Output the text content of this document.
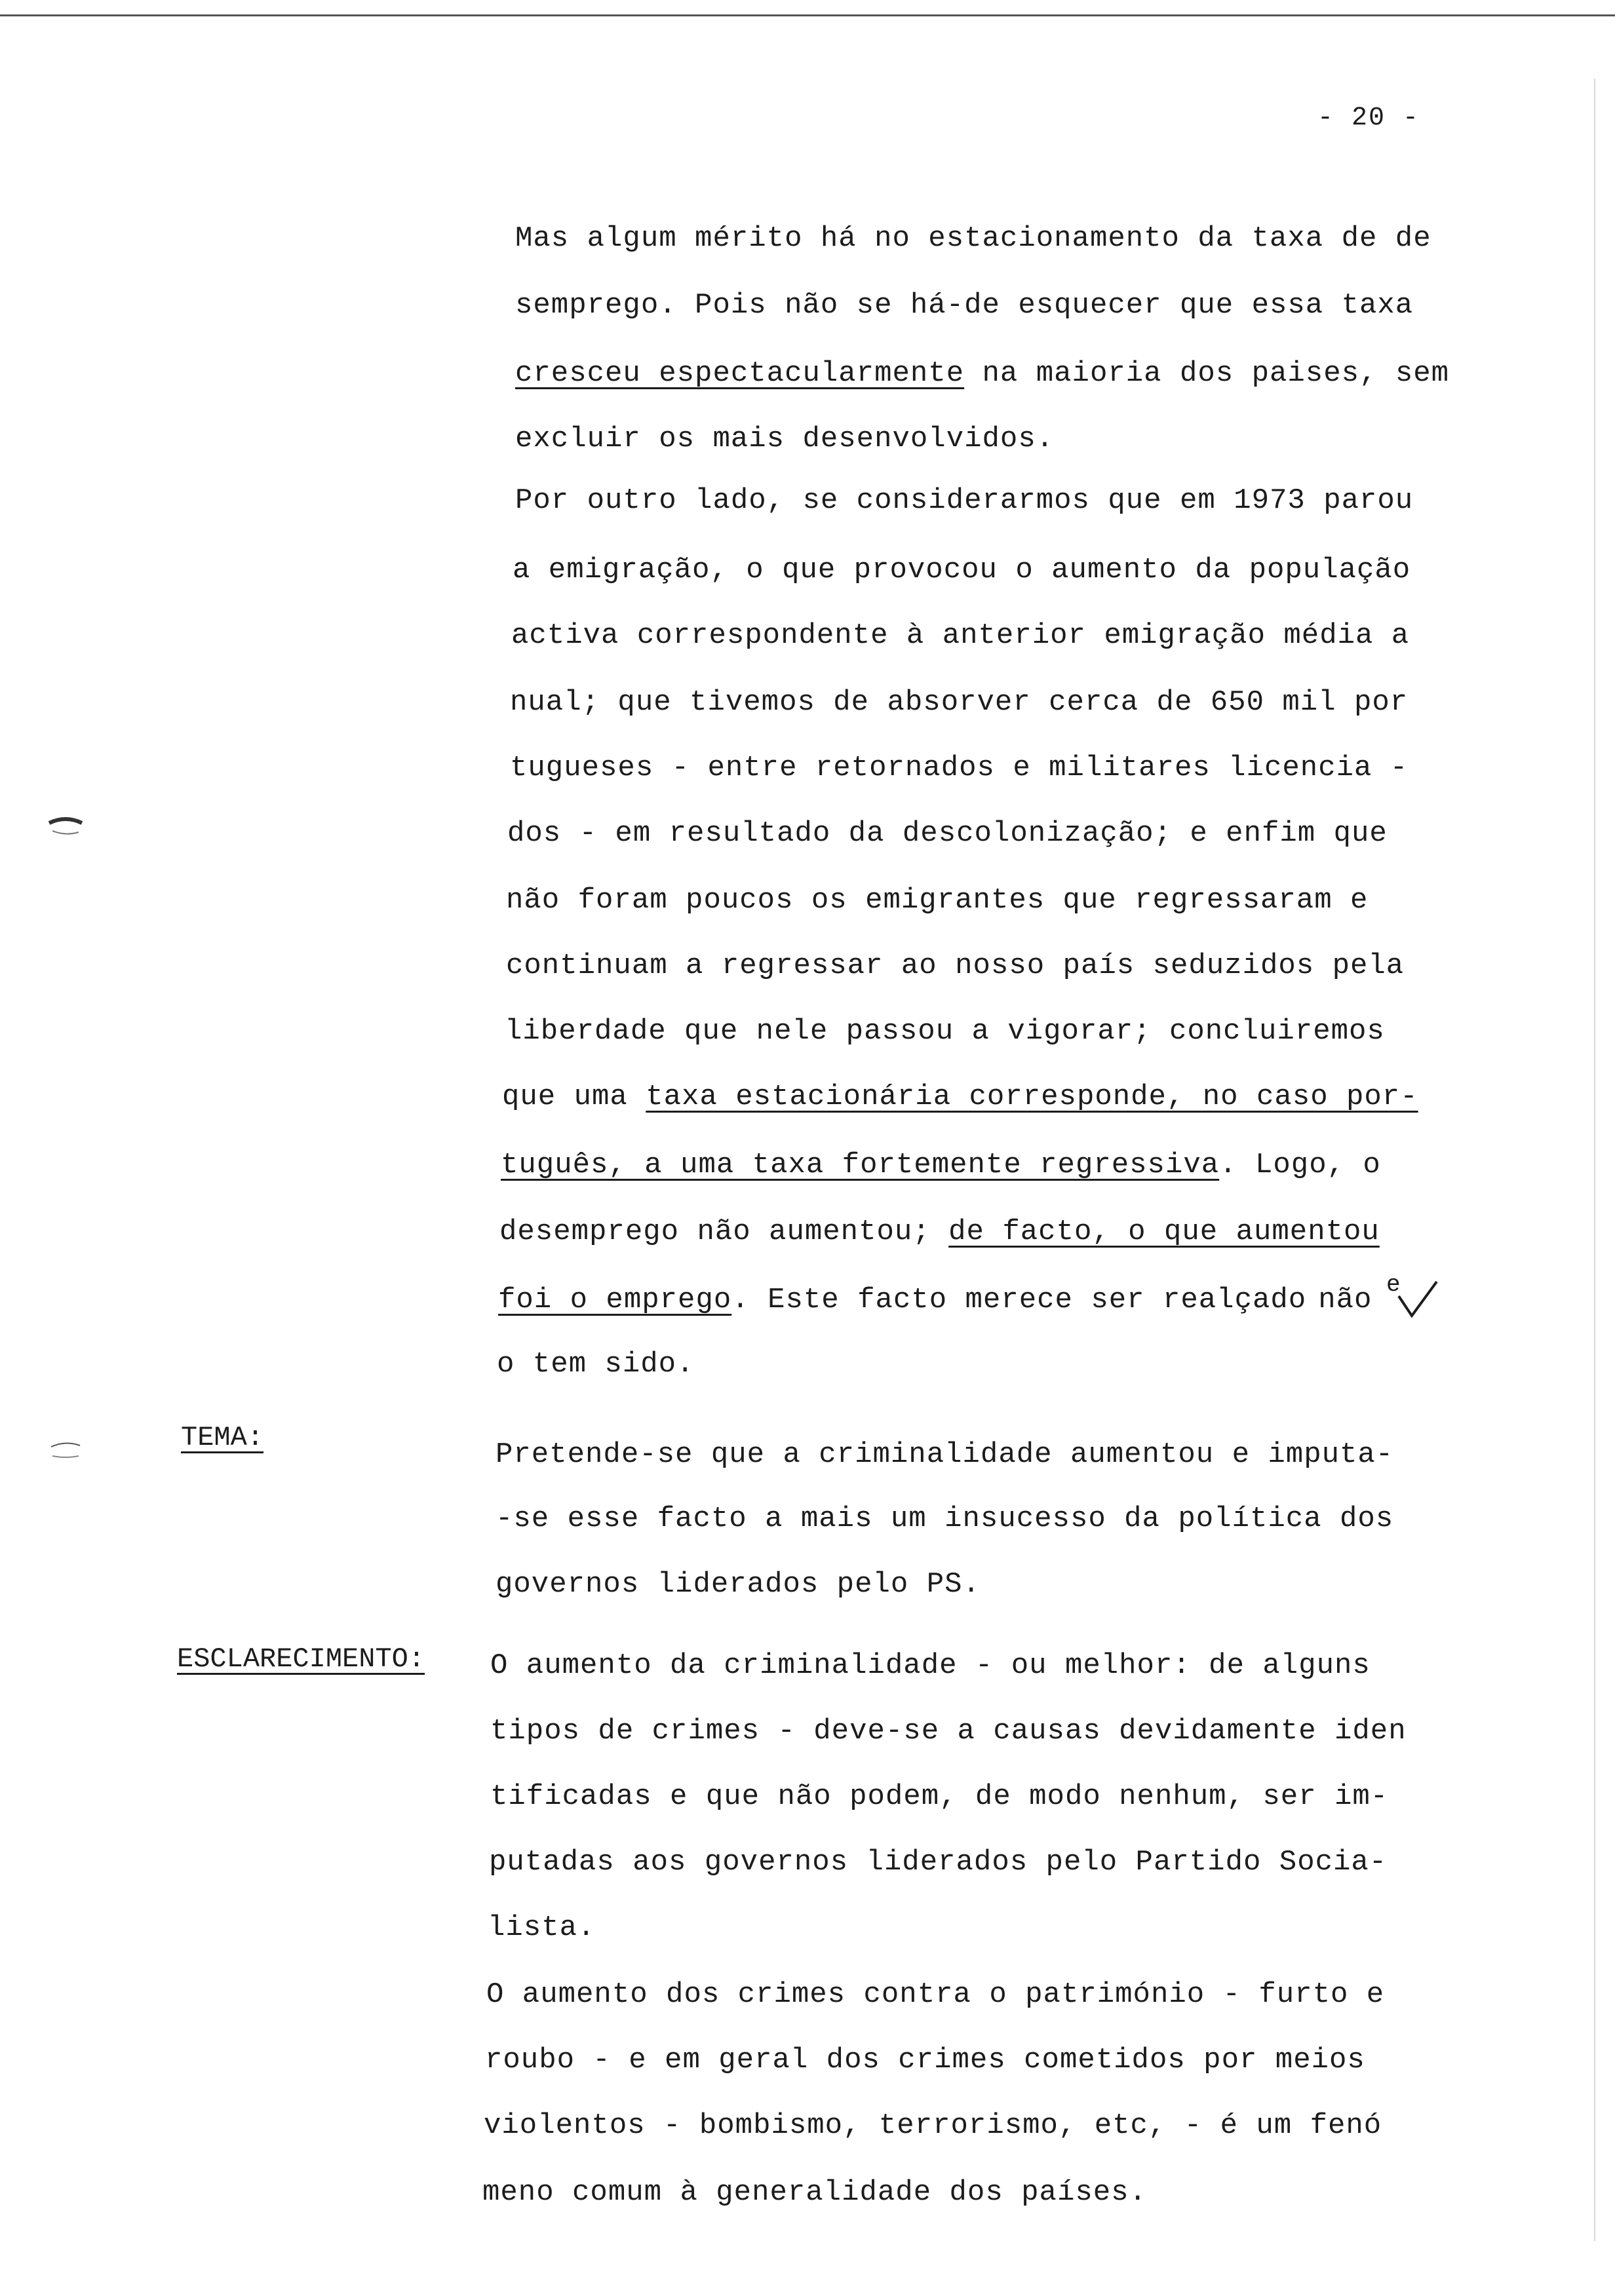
- 20 -
Mas algum mérito há no estacionamento da taxa de de
semprego. Pois não se há-de esquecer que essa taxa
cresceu espectacularmente na maioria dos paises, sem
excluir os mais desenvolvidos.
Por outro lado, se considerarmos que em 1973 parou
a emigração, o que provocou o aumento da população
activa correspondente à anterior emigração média a
nual; que tivemos de absorver cerca de 650 mil por
tugueses - entre retornados e militares licencia -
dos - em resultado da descolonização; e enfim que
não foram poucos os emigrantes que regressaram e
continuam a regressar ao nosso país seduzidos pela
liberdade que nele passou a vigorar; concluiremos
que uma taxa estacionária corresponde, no caso por-
tuguês, a uma taxa fortemente regressiva. Logo, o
desemprego não aumentou; de facto, o que aumentou
foi o emprego. Este facto merece ser realçado não
o tem sido.
e
TEMA:
Pretende-se que a criminalidade aumentou e imputa-
-se esse facto a mais um insucesso da política dos
governos liderados pelo PS.
ESCLARECIMENTO: O aumento da criminalidade - ou melhor: de alguns
tipos de crimes - deve-se a causas devidamente iden
tificadas e que não podem, de modo nenhum, ser im-
putadas aos governos liderados pelo Partido Socia-
lista.
O aumento dos crimes contra o património - furto e
roubo - e em geral dos crimes cometidos por meios
violentos - bombismo, terrorismo, etc, - é um fenó
meno comum à generalidade dos países.
